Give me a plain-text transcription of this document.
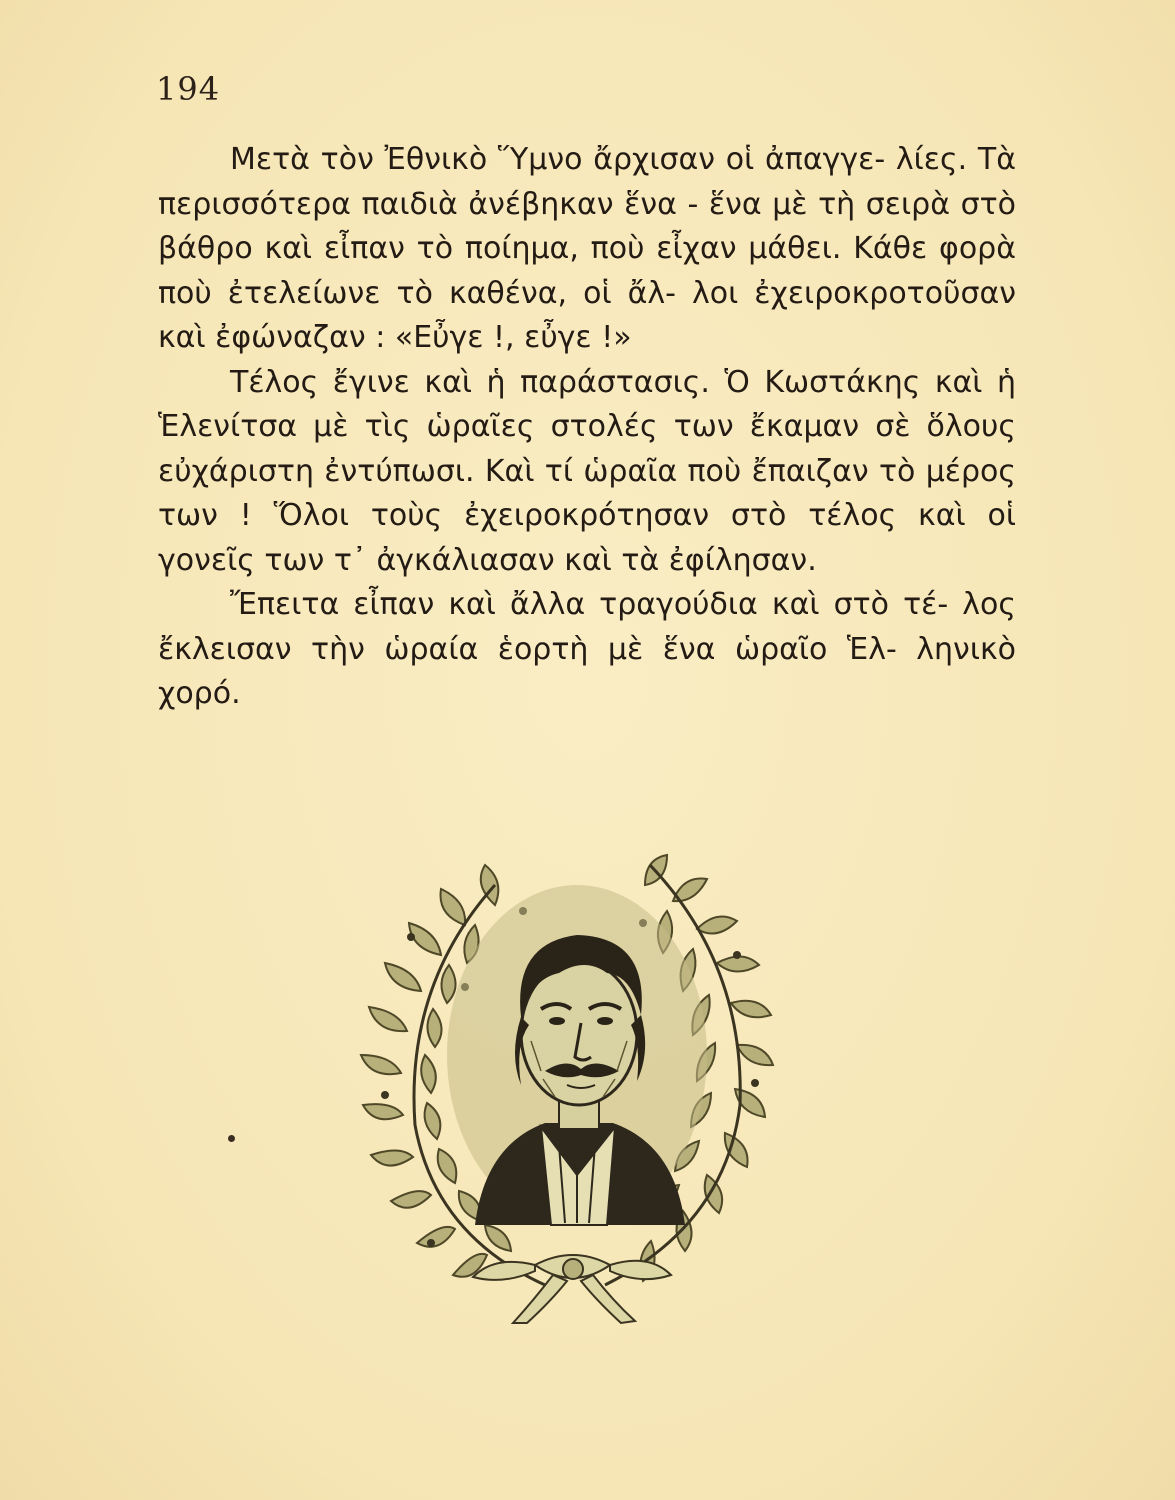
194

Μετὰ τὸν Ἐθνικὸ Ὕμνο ἄρχισαν οἱ ἀπαγγε- λίες. Τὰ περισσότερα παιδιὰ ἀνέβηκαν ἕνα - ἕνα μὲ τὴ σειρὰ στὸ βάθρο καὶ εἶπαν τὸ ποίημα, ποὺ εἶχαν μάθει. Κάθε φορὰ ποὺ ἐτελείωνε τὸ καθένα, οἱ ἄλ- λοι ἐχειροκροτοῦσαν καὶ ἐφώναζαν : «Εὖγε !, εὖγε !»

Τέλος ἔγινε καὶ ἡ παράστασις. Ὁ Κωστάκης καὶ ἡ Ἑλενίτσα μὲ τὶς ὡραῖες στολές των ἔκαμαν σὲ ὅλους εὐχάριστη ἐντύπωσι. Καὶ τί ὡραῖα ποὺ ἔπαιζαν τὸ μέρος των ! Ὅλοι τοὺς ἐχειροκρότησαν στὸ τέλος καὶ οἱ γονεῖς των τ᾿ ἀγκάλιασαν καὶ τὰ ἐφίλησαν.

Ἔπειτα εἶπαν καὶ ἄλλα τραγούδια καὶ στὸ τέ- λος ἔκλεισαν τὴν ὡραία ἑορτὴ μὲ ἕνα ὡραῖο Ἑλ- ληνικὸ χορό.
